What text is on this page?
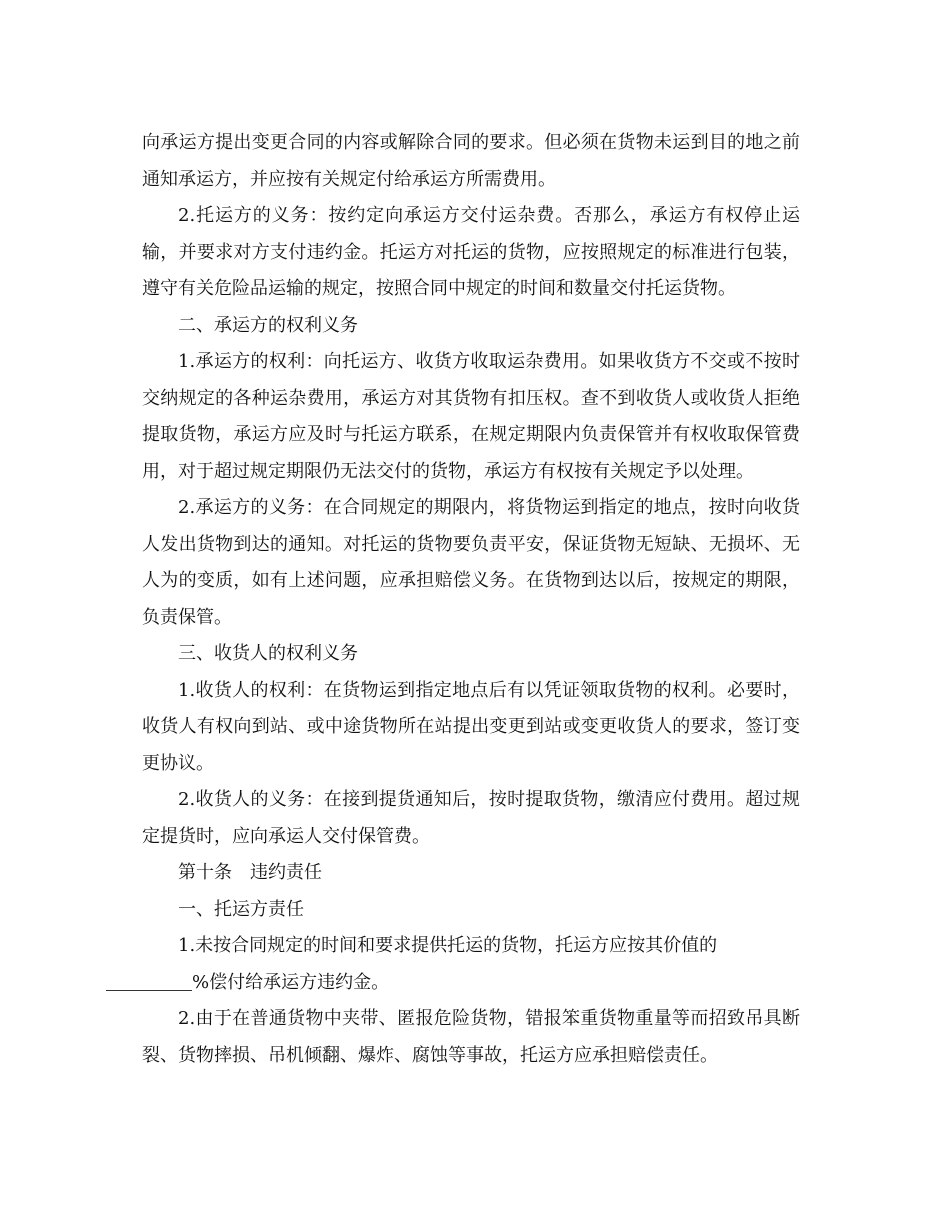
向承运方提出变更合同的内容或解除合同的要求。但必须在货物未运到目的地之前通知承运方，并应按有关规定付给承运方所需费用。

2.托运方的义务：按约定向承运方交付运杂费。否那么，承运方有权停止运输，并要求对方支付违约金。托运方对托运的货物，应按照规定的标准进行包装，遵守有关危险品运输的规定，按照合同中规定的时间和数量交付托运货物。

二、承运方的权利义务

1.承运方的权利：向托运方、收货方收取运杂费用。如果收货方不交或不按时交纳规定的各种运杂费用，承运方对其货物有扣压权。查不到收货人或收货人拒绝提取货物，承运方应及时与托运方联系，在规定期限内负责保管并有权收取保管费用，对于超过规定期限仍无法交付的货物，承运方有权按有关规定予以处理。

2.承运方的义务：在合同规定的期限内，将货物运到指定的地点，按时向收货人发出货物到达的通知。对托运的货物要负责平安，保证货物无短缺、无损坏、无人为的变质，如有上述问题，应承担赔偿义务。在货物到达以后，按规定的期限，负责保管。

三、收货人的权利义务

1.收货人的权利：在货物运到指定地点后有以凭证领取货物的权利。必要时，收货人有权向到站、或中途货物所在站提出变更到站或变更收货人的要求，签订变更协议。

2.收货人的义务：在接到提货通知后，按时提取货物，缴清应付费用。超过规定提货时，应向承运人交付保管费。

第十条　违约责任

一、托运方责任

1.未按合同规定的时间和要求提供托运的货物，托运方应按其价值的
%偿付给承运方违约金。

2.由于在普通货物中夹带、匿报危险货物，错报笨重货物重量等而招致吊具断裂、货物摔损、吊机倾翻、爆炸、腐蚀等事故，托运方应承担赔偿责任。
